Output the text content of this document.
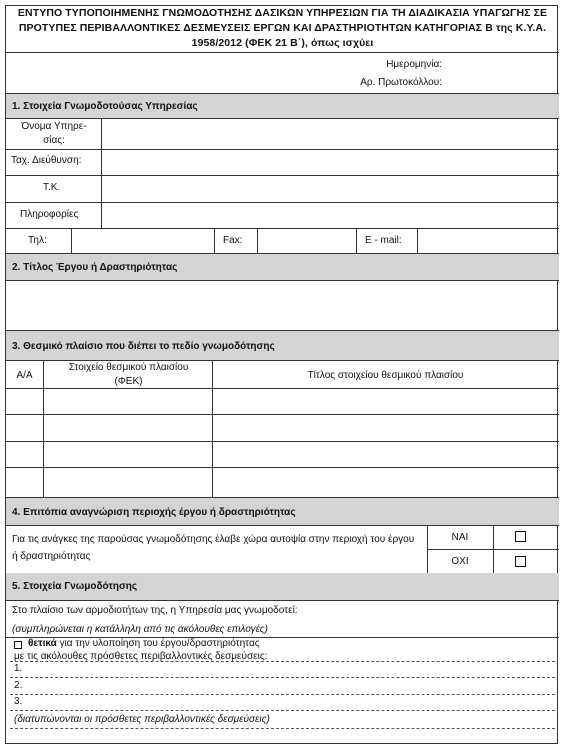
ΕΝΤΥΠΟ ΤΥΠΟΠΟΙΗΜΕΝΗΣ ΓΝΩΜΟΔΟΤΗΣΗΣ ΔΑΣΙΚΩΝ ΥΠΗΡΕΣΙΩΝ ΓΙΑ ΤΗ ΔΙΑΔΙΚΑΣΙΑ ΥΠΑΓΩΓΗΣ ΣΕ ΠΡΟΤΥΠΕΣ ΠΕΡΙΒΑΛΛΟΝΤΙΚΕΣ ΔΕΣΜΕΥΣΕΙΣ ΕΡΓΩΝ ΚΑΙ ΔΡΑΣΤΗΡΙΟΤΗΤΩΝ ΚΑΤΗΓΟΡΙΑΣ Β της Κ.Υ.Α. 1958/2012 (ΦΕΚ 21 Β΄), όπως ισχύει
Ημερομηνία:
Αρ. Πρωτοκόλλου:
1. Στοιχεία Γνωμοδοτούσας Υπηρεσίας
Όνομα Υπηρε-σίας:
Ταχ. Διεύθυνση:
Τ.Κ.
Πληροφορίες
Τηλ:	Fax:	E - mail:
2. Τίτλος Έργου ή Δραστηριότητας
3. Θεσμικό πλαίσιο που διέπει το πεδίο γνωμοδότησης
Α/Α
Στοιχείο θεσμικού πλαισίου (ΦΕΚ)
Τίτλος στοιχείου θεσμικού πλαισίου
4. Επιτόπια αναγνώριση περιοχής έργου ή δραστηριότητας
Για τις ανάγκες της παρούσας γνωμοδότησης έλαβε χώρα αυτοψία στην περιοχή του έργου ή δραστηριότητας
ΝΑΙ
ΟΧΙ
5. Στοιχεία Γνωμοδότησης
Στο πλαίσιο των αρμοδιοτήτων της, η Υπηρεσία μας γνωμοδοτεί:
(συμπληρώνεται η κατάλληλη από τις ακόλουθες επιλογές)
θετικά για την υλοποίηση του έργου/δραστηριότητας
με τις ακόλουθες πρόσθετες περιβαλλοντικές δεσμεύσεις:
1.
2.
3.
(διατυπώνονται οι πρόσθετες περιβαλλοντικές δεσμεύσεις)
